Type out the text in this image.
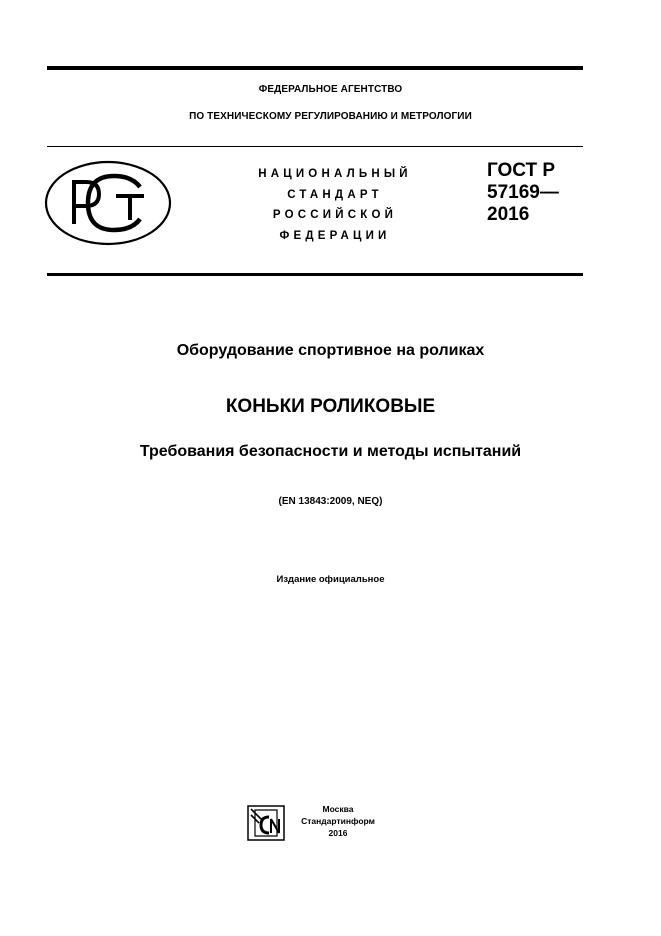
ФЕДЕРАЛЬНОЕ АГЕНТСТВО
ПО ТЕХНИЧЕСКОМУ РЕГУЛИРОВАНИЮ И МЕТРОЛОГИИ
НАЦИОНАЛЬНЫЙ
СТАНДАРТ
РОССИЙСКОЙ
ФЕДЕРАЦИИ
ГОСТ Р
57169—
2016
Оборудование спортивное на роликах
КОНЬКИ РОЛИКОВЫЕ
Требования безопасности и методы испытаний
(EN 13843:2009, NEQ)
Издание официальное
Москва
Стандартинформ
2016
